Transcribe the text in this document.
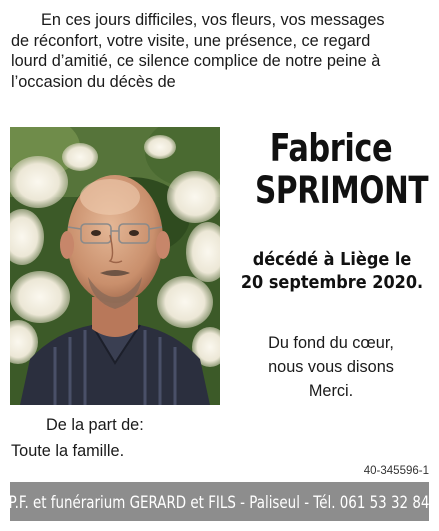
En ces jours difficiles, vos fleurs, vos messages
de réconfort, votre visite, une présence, ce regard
lourd d’amitié, ce silence complice de notre peine à
l’occasion du décès de
Fabrice
SPRIMONT
décédé à Liège le
20 septembre 2020.
Du fond du cœur,
nous vous disons
Merci.
De la part de:
Toute la famille.
40-345596-1
P.F. et funérarium GERARD et FILS - Paliseul - Tél. 061 53 32 84
